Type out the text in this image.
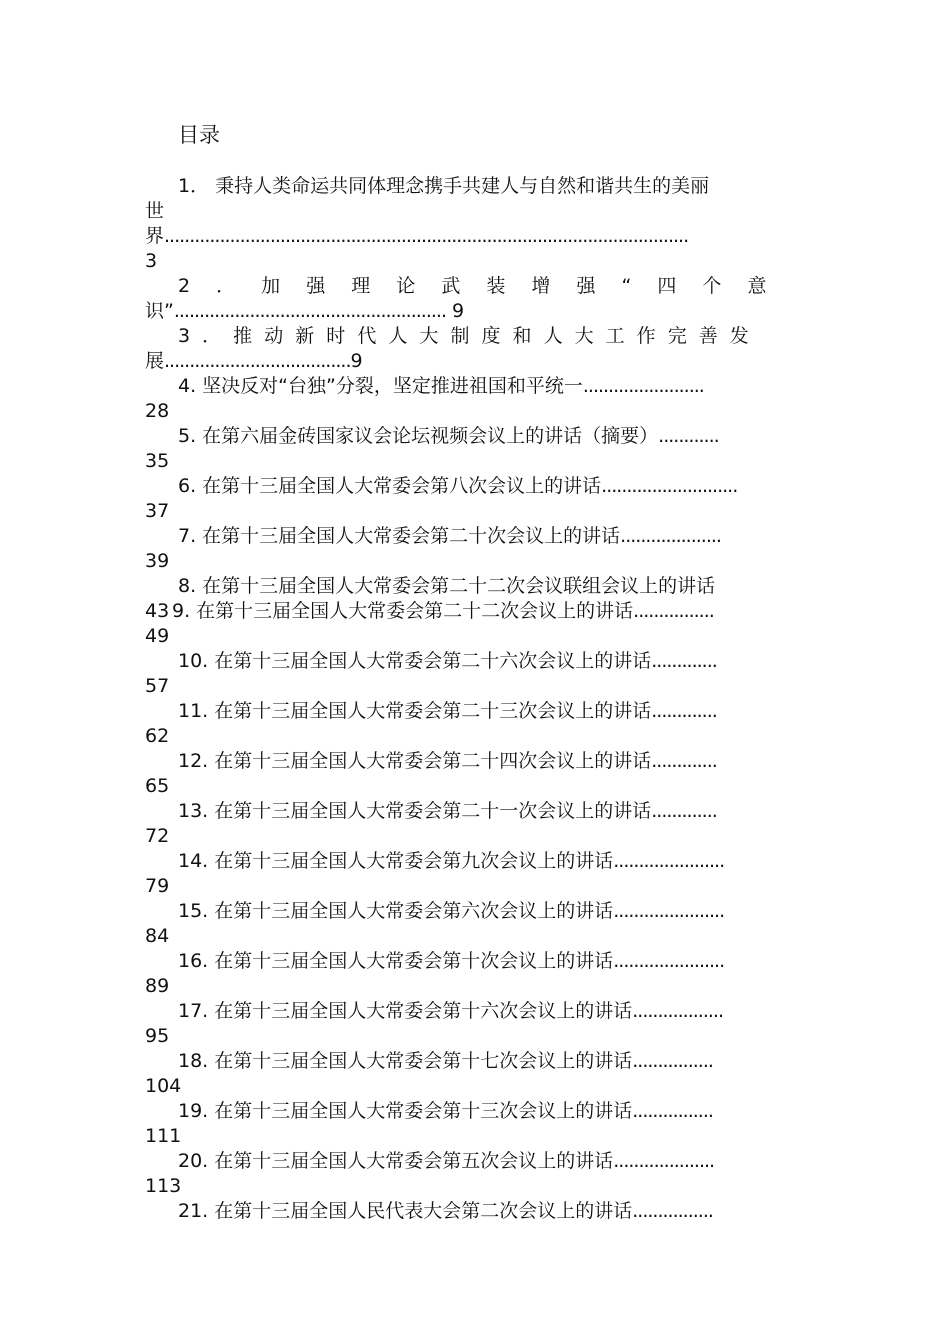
目录
1． 秉持人类命运共同体理念携手共建人与自然和谐共生的美丽
世
界........................................................................................................
3
2 ． 加 强 理 论 武 装 增 强 “ 四 个 意
识”...................................................... 9
3 ． 推 动 新 时 代 人 大 制 度 和 人 大 工 作 完 善 发
展.....................................9
4. 坚决反对“台独”分裂，坚定推进祖国和平统一........................
28
5. 在第六届金砖国家议会论坛视频会议上的讲话（摘要）............
35
6. 在第十三届全国人大常委会第八次会议上的讲话...........................
37
7. 在第十三届全国人大常委会第二十次会议上的讲话....................
39
8. 在第十三届全国人大常委会第二十二次会议联组会议上的讲话
43 9. 在第十三届全国人大常委会第二十二次会议上的讲话................
49
10. 在第十三届全国人大常委会第二十六次会议上的讲话.............
57
11. 在第十三届全国人大常委会第二十三次会议上的讲话.............
62
12. 在第十三届全国人大常委会第二十四次会议上的讲话.............
65
13. 在第十三届全国人大常委会第二十一次会议上的讲话.............
72
14. 在第十三届全国人大常委会第九次会议上的讲话......................
79
15. 在第十三届全国人大常委会第六次会议上的讲话......................
84
16. 在第十三届全国人大常委会第十次会议上的讲话......................
89
17. 在第十三届全国人大常委会第十六次会议上的讲话..................
95
18. 在第十三届全国人大常委会第十七次会议上的讲话................
104
19. 在第十三届全国人大常委会第十三次会议上的讲话................
111
20. 在第十三届全国人大常委会第五次会议上的讲话....................
113
21. 在第十三届全国人民代表大会第二次会议上的讲话................
